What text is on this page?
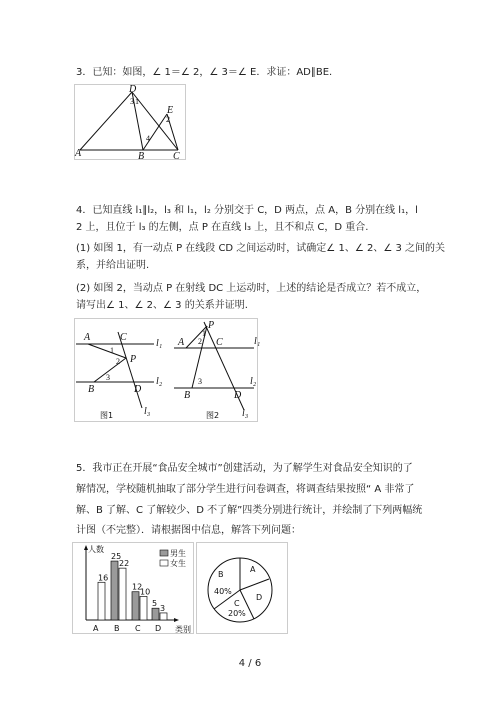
3．已知：如图，∠ 1＝∠ 2，∠ 3＝∠ E．求证：AD∥BE.
D
E
A	B	C
3 1
2
4
4．已知直线 l₁∥l₂，l₃ 和 l₁，l₂ 分别交于 C，D 两点，点 A，B 分别在线 l₁，l
2 上，且位于 l₃ 的左侧，点 P 在直线 l₃ 上，且不和点 C，D 重合.
(1) 如图 1，有一动点 P 在线段 CD 之间运动时，试确定∠ 1、∠ 2、∠ 3 之间的关
系，并给出证明.
(2) 如图 2，当动点 P 在射线 DC 上运动时，上述的结论是否成立？若不成立，
请写出∠ 1、∠ 2、∠ 3 的关系并证明.
A	C
P
B	D
1
2
3
l₁
l₂
l₃
图1
P
A	C
B	D
1
2
3
l₁
l₂
l₃
图2
5．我市正在开展“食品安全城市”创建活动，为了解学生对食品安全知识的了
解情况，学校随机抽取了部分学生进行问卷调查，将调查结果按照“ A 非常了
解、B 了解、C 了解较少、D 不了解”四类分别进行统计，并绘制了下列两幅统
计图（不完整）．请根据图中信息，解答下列问题：
人数
类别
男生
女生
16
25
22
12
10
5
3
A B C D
A
B
40%
C
20%
D
4 / 6
